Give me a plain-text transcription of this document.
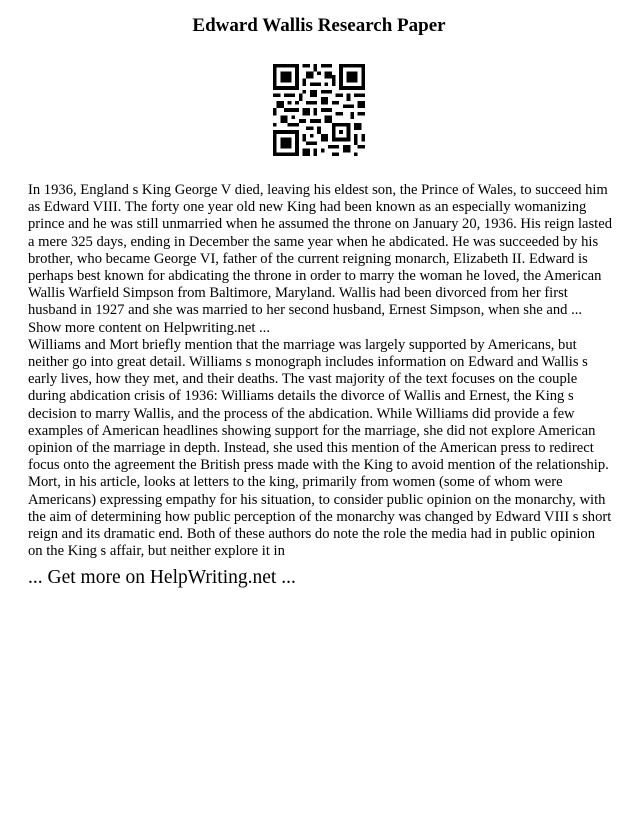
Edward Wallis Research Paper

In 1936, England s King George V died, leaving his eldest son, the Prince of Wales, to succeed him as Edward VIII. The forty one year old new King had been known as an especially womanizing prince and he was still unmarried when he assumed the throne on January 20, 1936. His reign lasted a mere 325 days, ending in December the same year when he abdicated. He was succeeded by his brother, who became George VI, father of the current reigning monarch, Elizabeth II. Edward is perhaps best known for abdicating the throne in order to marry the woman he loved, the American Wallis Warfield Simpson from Baltimore, Maryland. Wallis had been divorced from her first husband in 1927 and she was married to her second husband, Ernest Simpson, when she and ... Show more content on Helpwriting.net ...

Williams and Mort briefly mention that the marriage was largely supported by Americans, but neither go into great detail. Williams s monograph includes information on Edward and Wallis s early lives, how they met, and their deaths. The vast majority of the text focuses on the couple during abdication crisis of 1936: Williams details the divorce of Wallis and Ernest, the King s decision to marry Wallis, and the process of the abdication. While Williams did provide a few examples of American headlines showing support for the marriage, she did not explore American opinion of the marriage in depth. Instead, she used this mention of the American press to redirect focus onto the agreement the British press made with the King to avoid mention of the relationship. Mort, in his article, looks at letters to the king, primarily from women (some of whom were Americans) expressing empathy for his situation, to consider public opinion on the monarchy, with the aim of determining how public perception of the monarchy was changed by Edward VIII s short reign and its dramatic end. Both of these authors do note the role the media had in public opinion on the King s affair, but neither explore it in

... Get more on HelpWriting.net ...
